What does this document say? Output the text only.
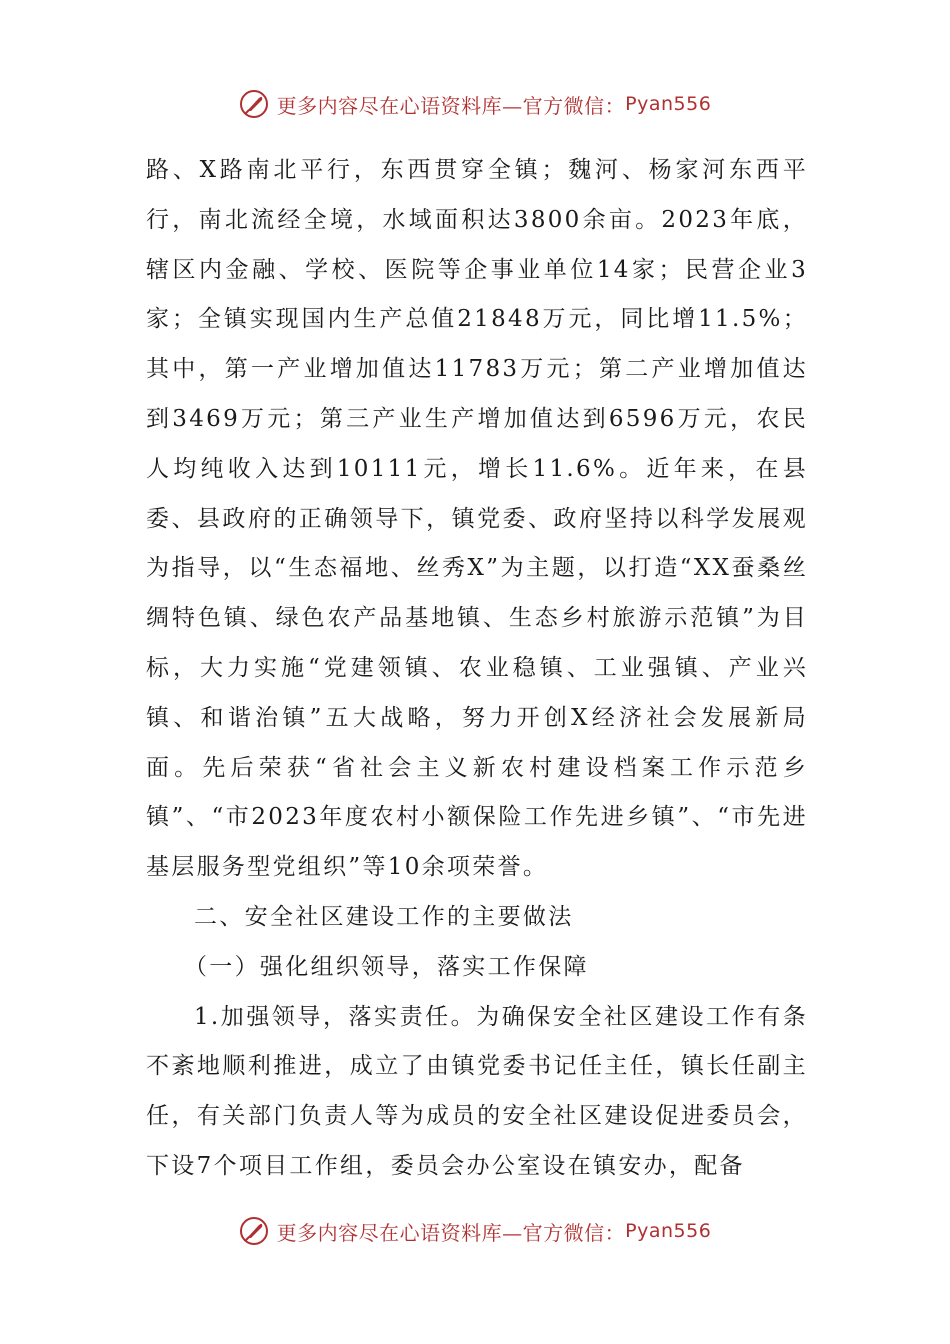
更多内容尽在心语资料库—官方微信： Pyan556

路、X路南北平行，东西贯穿全镇；魏河、杨家河东西平行，南北流经全境，水域面积达3800余亩。2023年底，辖区内金融、学校、医院等企事业单位14家；民营企业3家；全镇实现国内生产总值21848万元，同比增11.5%；其中，第一产业增加值达11783万元；第二产业增加值达到3469万元；第三产业生产增加值达到6596万元，农民人均纯收入达到10111元，增长11.6%。近年来，在县委、县政府的正确领导下，镇党委、政府坚持以科学发展观为指导，以“生态福地、丝秀X”为主题，以打造“XX蚕桑丝绸特色镇、绿色农产品基地镇、生态乡村旅游示范镇”为目标，大力实施“党建领镇、农业稳镇、工业强镇、产业兴镇、和谐治镇”五大战略，努力开创X经济社会发展新局面。先后荣获“省社会主义新农村建设档案工作示范乡镇”、“市2023年度农村小额保险工作先进乡镇”、“市先进基层服务型党组织”等10余项荣誉。

二、安全社区建设工作的主要做法

（一）强化组织领导，落实工作保障

1.加强领导，落实责任。为确保安全社区建设工作有条不紊地顺利推进，成立了由镇党委书记任主任，镇长任副主任，有关部门负责人等为成员的安全社区建设促进委员会，下设7个项目工作组，委员会办公室设在镇安办，配备

更多内容尽在心语资料库—官方微信： Pyan556
